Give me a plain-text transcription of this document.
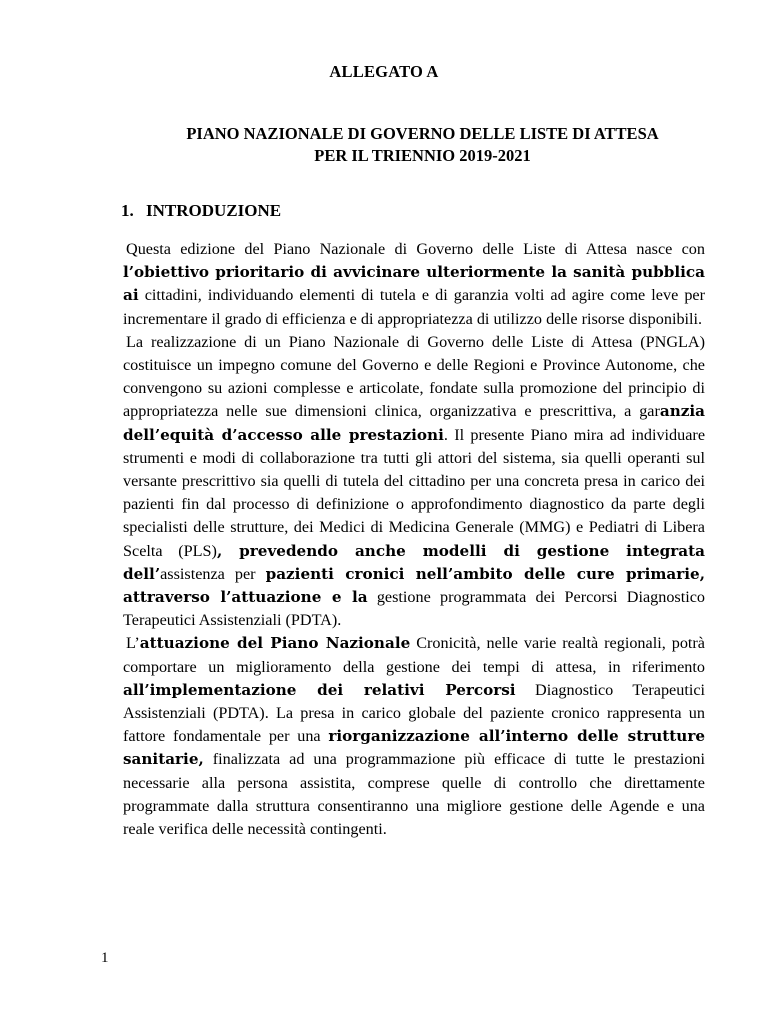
ALLEGATO A
PIANO NAZIONALE DI GOVERNO DELLE LISTE DI ATTESA
PER IL TRIENNIO 2019-2021
1. INTRODUZIONE

Questa edizione del Piano Nazionale di Governo delle Liste di Attesa nasce con l’obiettivo prioritario di avvicinare ulteriormente la sanità pubblica ai cittadini, individuando elementi di tutela e di garanzia volti ad agire come leve per incrementare il grado di efficienza e di appropriatezza di utilizzo delle risorse disponibili.

La realizzazione di un Piano Nazionale di Governo delle Liste di Attesa (PNGLA) costituisce un impegno comune del Governo e delle Regioni e Province Autonome, che convengono su azioni complesse e articolate, fondate sulla promozione del principio di appropriatezza nelle sue dimensioni clinica, organizzativa e prescrittiva, a garanzia dell’equità d’accesso alle prestazioni. Il presente Piano mira ad individuare strumenti e modi di collaborazione tra tutti gli attori del sistema, sia quelli operanti sul versante prescrittivo sia quelli di tutela del cittadino per una concreta presa in carico dei pazienti fin dal processo di definizione o approfondimento diagnostico da parte degli specialisti delle strutture, dei Medici di Medicina Generale (MMG) e Pediatri di Libera Scelta (PLS), prevedendo anche modelli di gestione integrata dell’assistenza per pazienti cronici nell’ambito delle cure primarie, attraverso l’attuazione e la gestione programmata dei Percorsi Diagnostico Terapeutici Assistenziali (PDTA).

L’attuazione del Piano Nazionale Cronicità, nelle varie realtà regionali, potrà comportare un miglioramento della gestione dei tempi di attesa, in riferimento all’implementazione dei relativi Percorsi Diagnostico Terapeutici Assistenziali (PDTA). La presa in carico globale del paziente cronico rappresenta un fattore fondamentale per una riorganizzazione all’interno delle strutture sanitarie, finalizzata ad una programmazione più efficace di tutte le prestazioni necessarie alla persona assistita, comprese quelle di controllo che direttamente programmate dalla struttura consentiranno una migliore gestione delle Agende e una reale verifica delle necessità contingenti.

1
